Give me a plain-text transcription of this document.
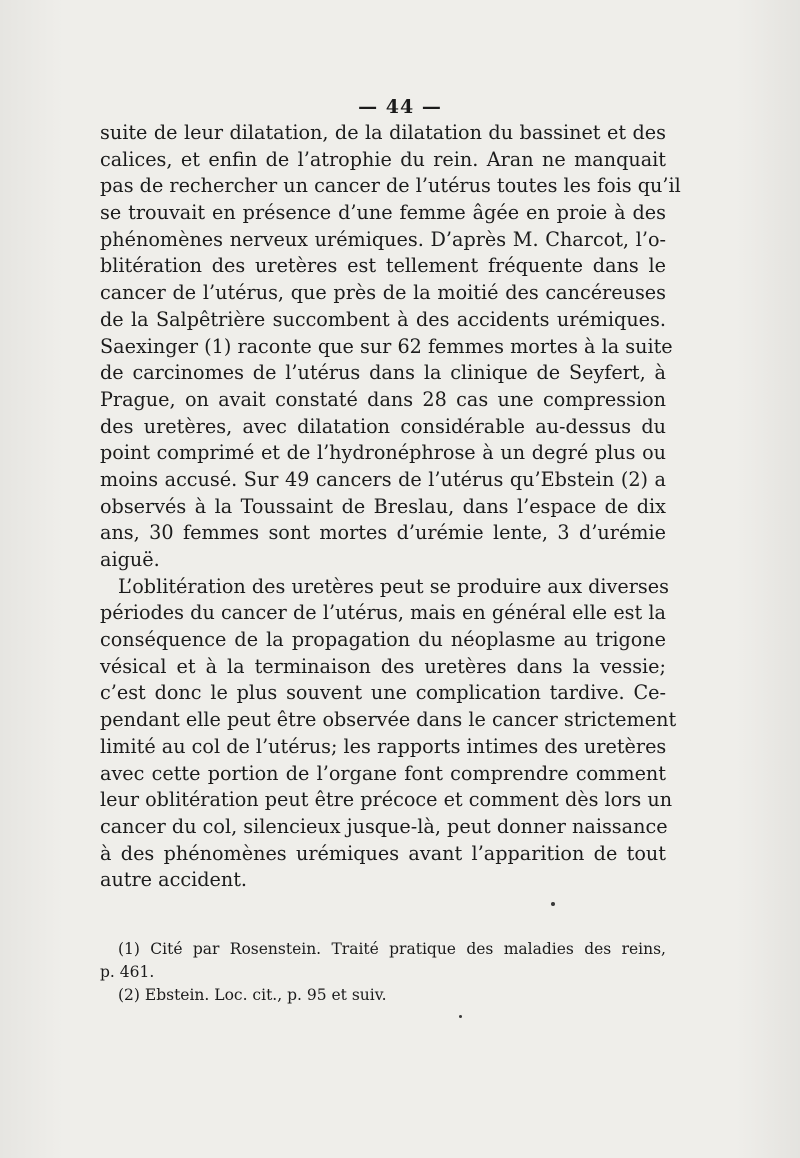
— 44 —
suite de leur dilatation, de la dilatation du bassinet et des
calices, et enfin de l’atrophie du rein. Aran ne manquait
pas de rechercher un cancer de l’utérus toutes les fois qu’il
se trouvait en présence d’une femme âgée en proie à des
phénomènes nerveux urémiques. D’après M. Charcot, l’o-
blitération des uretères est tellement fréquente dans le
cancer de l’utérus, que près de la moitié des cancéreuses
de la Salpêtrière succombent à des accidents urémiques.
Saexinger (1) raconte que sur 62 femmes mortes à la suite
de carcinomes de l’utérus dans la clinique de Seyfert, à
Prague, on avait constaté dans 28 cas une compression
des uretères, avec dilatation considérable au-dessus du
point comprimé et de l’hydronéphrose à un degré plus ou
moins accusé. Sur 49 cancers de l’utérus qu’Ebstein (2) a
observés à la Toussaint de Breslau, dans l’espace de dix
ans, 30 femmes sont mortes d’urémie lente, 3 d’urémie
aiguë.
L’oblitération des uretères peut se produire aux diverses
périodes du cancer de l’utérus, mais en général elle est la
conséquence de la propagation du néoplasme au trigone
vésical et à la terminaison des uretères dans la vessie;
c’est donc le plus souvent une complication tardive. Ce-
pendant elle peut être observée dans le cancer strictement
limité au col de l’utérus; les rapports intimes des uretères
avec cette portion de l’organe font comprendre comment
leur oblitération peut être précoce et comment dès lors un
cancer du col, silencieux jusque-là, peut donner naissance
à des phénomènes urémiques avant l’apparition de tout
autre accident.
(1) Cité par Rosenstein. Traité pratique des maladies des reins,
p. 461.
(2) Ebstein. Loc. cit., p. 95 et suiv.
